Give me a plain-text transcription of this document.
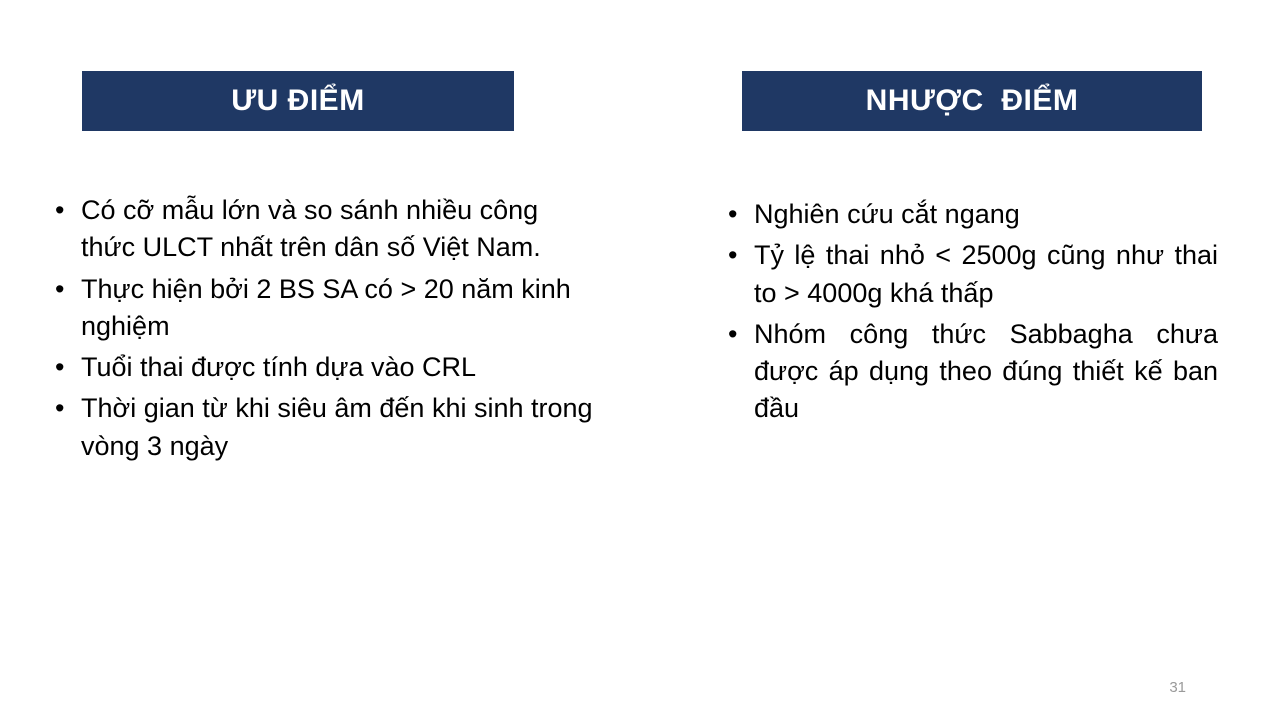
ƯU ĐIỂM	NHƯỢC  ĐIỂM
• Có cỡ mẫu lớn và so sánh nhiều công thức ULCT nhất trên dân số Việt Nam.
• Thực hiện bởi 2 BS SA có > 20 năm kinh nghiệm
• Tuổi thai được tính dựa vào CRL
• Thời gian từ khi siêu âm đến khi sinh trong vòng 3 ngày
• Nghiên cứu cắt ngang
• Tỷ lệ thai nhỏ < 2500g cũng như thai to > 4000g khá thấp
• Nhóm công thức Sabbagha chưa được áp dụng theo đúng thiết kế ban đầu
31
